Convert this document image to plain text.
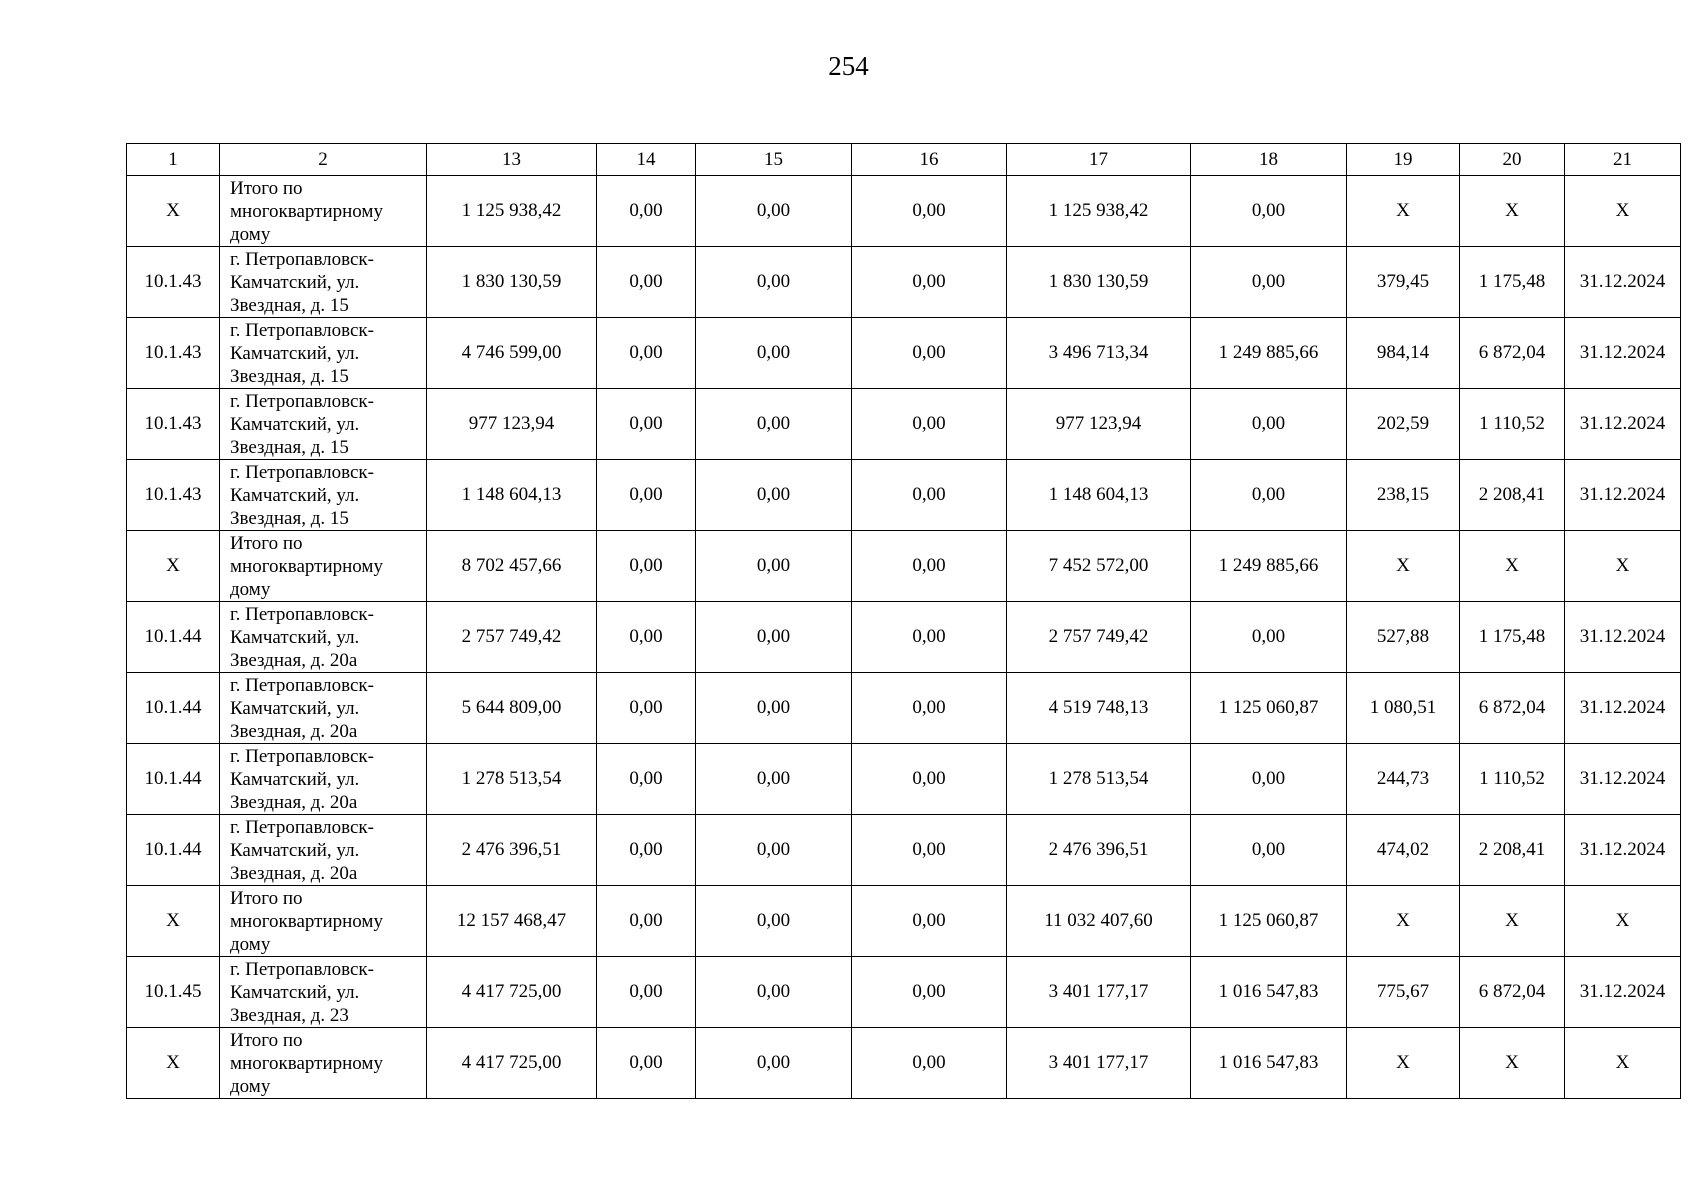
254
1	2	13	14	15	16	17	18	19	20	21
X	Итого по
многоквартирному
дому	1 125 938,42	0,00	0,00	0,00	1 125 938,42	0,00	X	X	X
10.1.43	г. Петропавловск-
Камчатский, ул.
Звездная, д. 15	1 830 130,59	0,00	0,00	0,00	1 830 130,59	0,00	379,45	1 175,48	31.12.2024
10.1.43	г. Петропавловск-
Камчатский, ул.
Звездная, д. 15	4 746 599,00	0,00	0,00	0,00	3 496 713,34	1 249 885,66	984,14	6 872,04	31.12.2024
10.1.43	г. Петропавловск-
Камчатский, ул.
Звездная, д. 15	977 123,94	0,00	0,00	0,00	977 123,94	0,00	202,59	1 110,52	31.12.2024
10.1.43	г. Петропавловск-
Камчатский, ул.
Звездная, д. 15	1 148 604,13	0,00	0,00	0,00	1 148 604,13	0,00	238,15	2 208,41	31.12.2024
X	Итого по
многоквартирному
дому	8 702 457,66	0,00	0,00	0,00	7 452 572,00	1 249 885,66	X	X	X
10.1.44	г. Петропавловск-
Камчатский, ул.
Звездная, д. 20а	2 757 749,42	0,00	0,00	0,00	2 757 749,42	0,00	527,88	1 175,48	31.12.2024
10.1.44	г. Петропавловск-
Камчатский, ул.
Звездная, д. 20а	5 644 809,00	0,00	0,00	0,00	4 519 748,13	1 125 060,87	1 080,51	6 872,04	31.12.2024
10.1.44	г. Петропавловск-
Камчатский, ул.
Звездная, д. 20а	1 278 513,54	0,00	0,00	0,00	1 278 513,54	0,00	244,73	1 110,52	31.12.2024
10.1.44	г. Петропавловск-
Камчатский, ул.
Звездная, д. 20а	2 476 396,51	0,00	0,00	0,00	2 476 396,51	0,00	474,02	2 208,41	31.12.2024
X	Итого по
многоквартирному
дому	12 157 468,47	0,00	0,00	0,00	11 032 407,60	1 125 060,87	X	X	X
10.1.45	г. Петропавловск-
Камчатский, ул.
Звездная, д. 23	4 417 725,00	0,00	0,00	0,00	3 401 177,17	1 016 547,83	775,67	6 872,04	31.12.2024
X	Итого по
многоквартирному
дому	4 417 725,00	0,00	0,00	0,00	3 401 177,17	1 016 547,83	X	X	X
